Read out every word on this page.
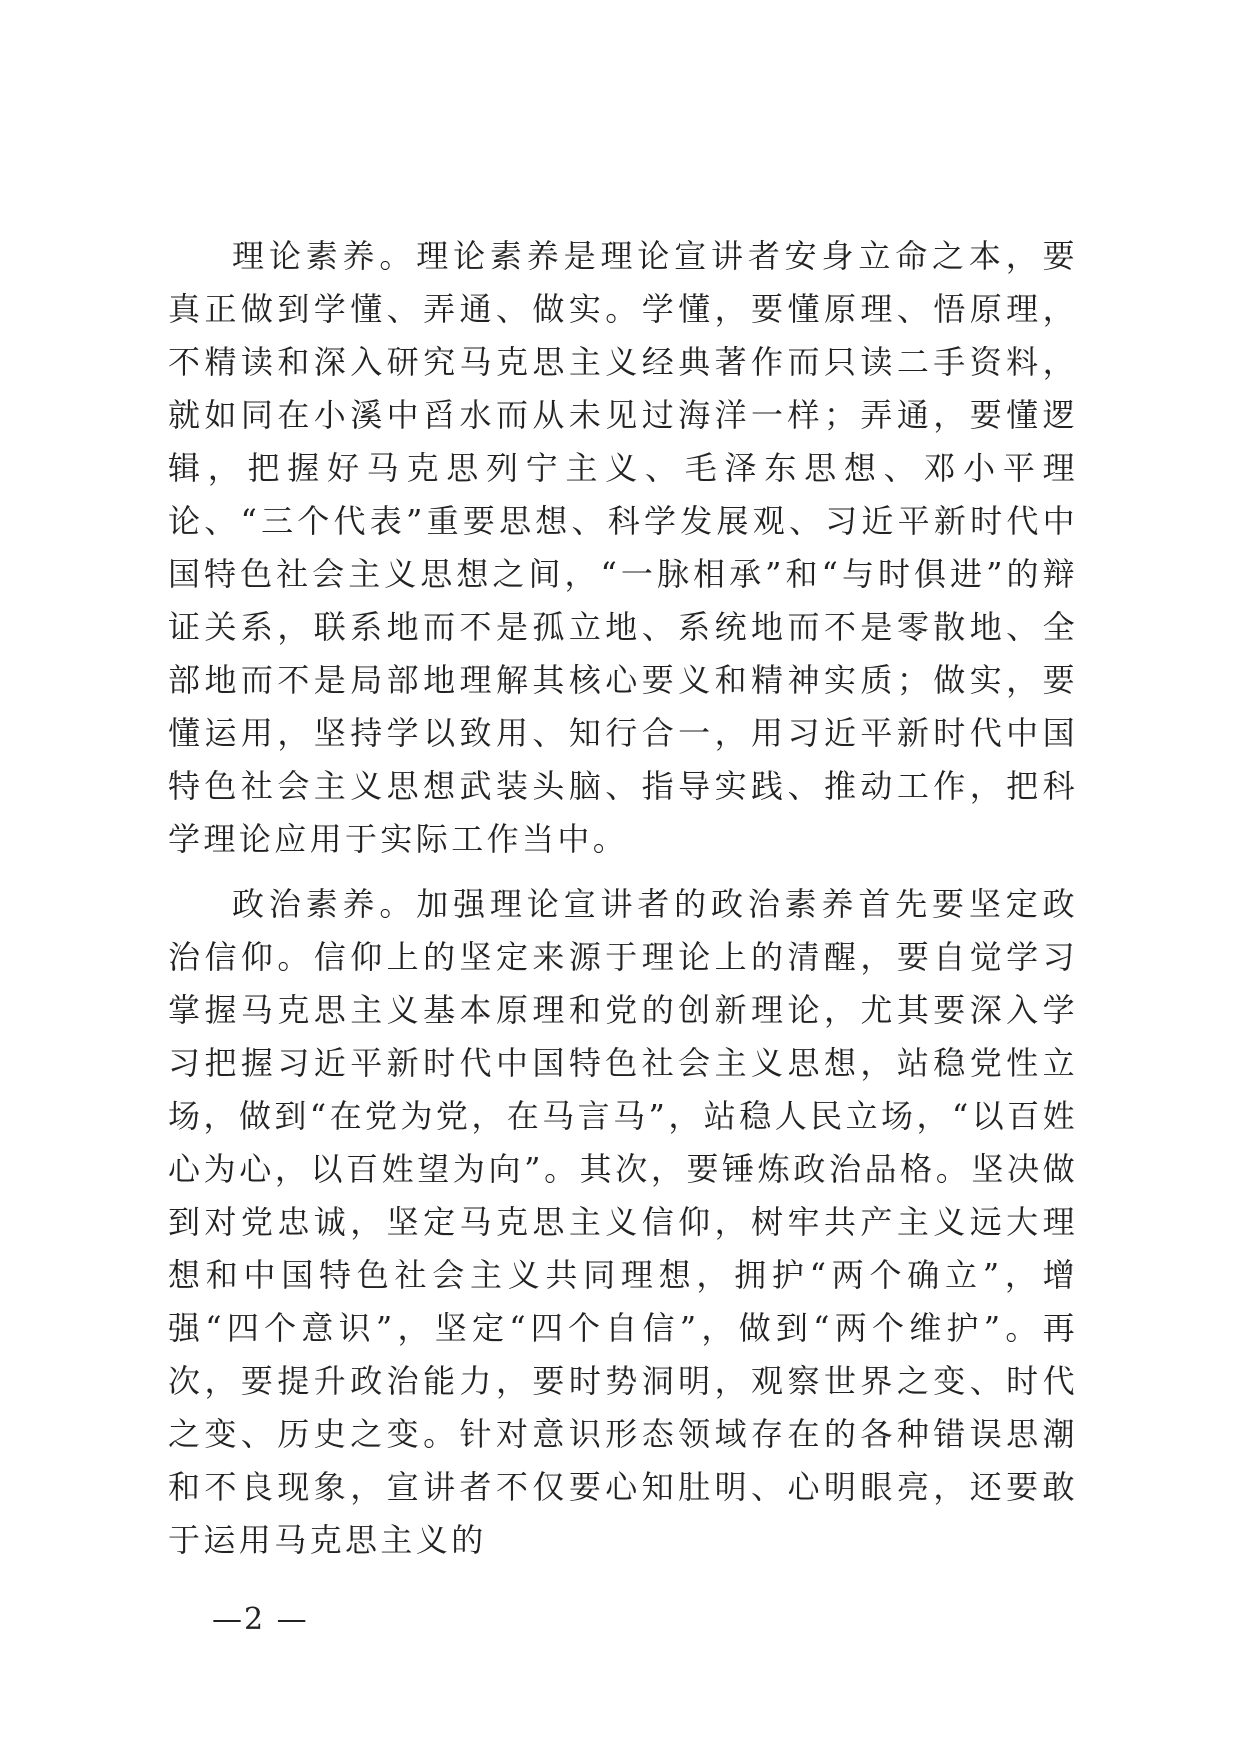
理论素养。理论素养是理论宣讲者安身立命之本，要真正做到学懂、弄通、做实。学懂，要懂原理、悟原理，不精读和深入研究马克思主义经典著作而只读二手资料，就如同在小溪中舀水而从未见过海洋一样；弄通，要懂逻辑，把握好马克思列宁主义、毛泽东思想、邓小平理论、“三个代表”重要思想、科学发展观、习近平新时代中国特色社会主义思想之间，“一脉相承”和“与时俱进”的辩证关系，联系地而不是孤立地、系统地而不是零散地、全部地而不是局部地理解其核心要义和精神实质；做实，要懂运用，坚持学以致用、知行合一，用习近平新时代中国特色社会主义思想武装头脑、指导实践、推动工作，把科学理论应用于实际工作当中。

政治素养。加强理论宣讲者的政治素养首先要坚定政治信仰。信仰上的坚定来源于理论上的清醒，要自觉学习掌握马克思主义基本原理和党的创新理论，尤其要深入学习把握习近平新时代中国特色社会主义思想，站稳党性立场，做到“在党为党，在马言马”，站稳人民立场，“以百姓心为心，以百姓望为向”。其次，要锤炼政治品格。坚决做到对党忠诚，坚定马克思主义信仰，树牢共产主义远大理想和中国特色社会主义共同理想，拥护“两个确立”，增强“四个意识”，坚定“四个自信”，做到“两个维护”。再次，要提升政治能力，要时势洞明，观察世界之变、时代之变、历史之变。针对意识形态领域存在的各种错误思潮和不良现象，宣讲者不仅要心知肚明、心明眼亮，还要敢于运用马克思主义的

—2 —
